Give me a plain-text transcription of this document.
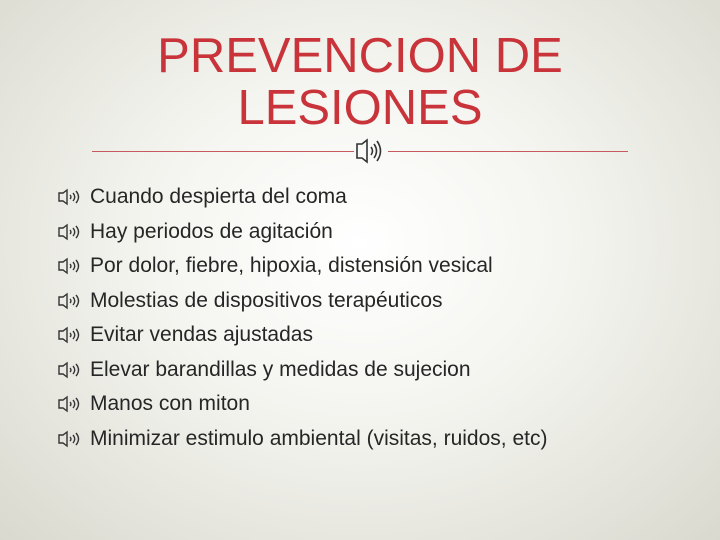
PREVENCION DE LESIONES
Cuando despierta del coma
Hay periodos de agitación
Por dolor, fiebre, hipoxia, distensión vesical
Molestias de dispositivos terapéuticos
Evitar vendas ajustadas
Elevar barandillas y medidas de sujecion
Manos con miton
Minimizar estimulo ambiental (visitas, ruidos, etc)
